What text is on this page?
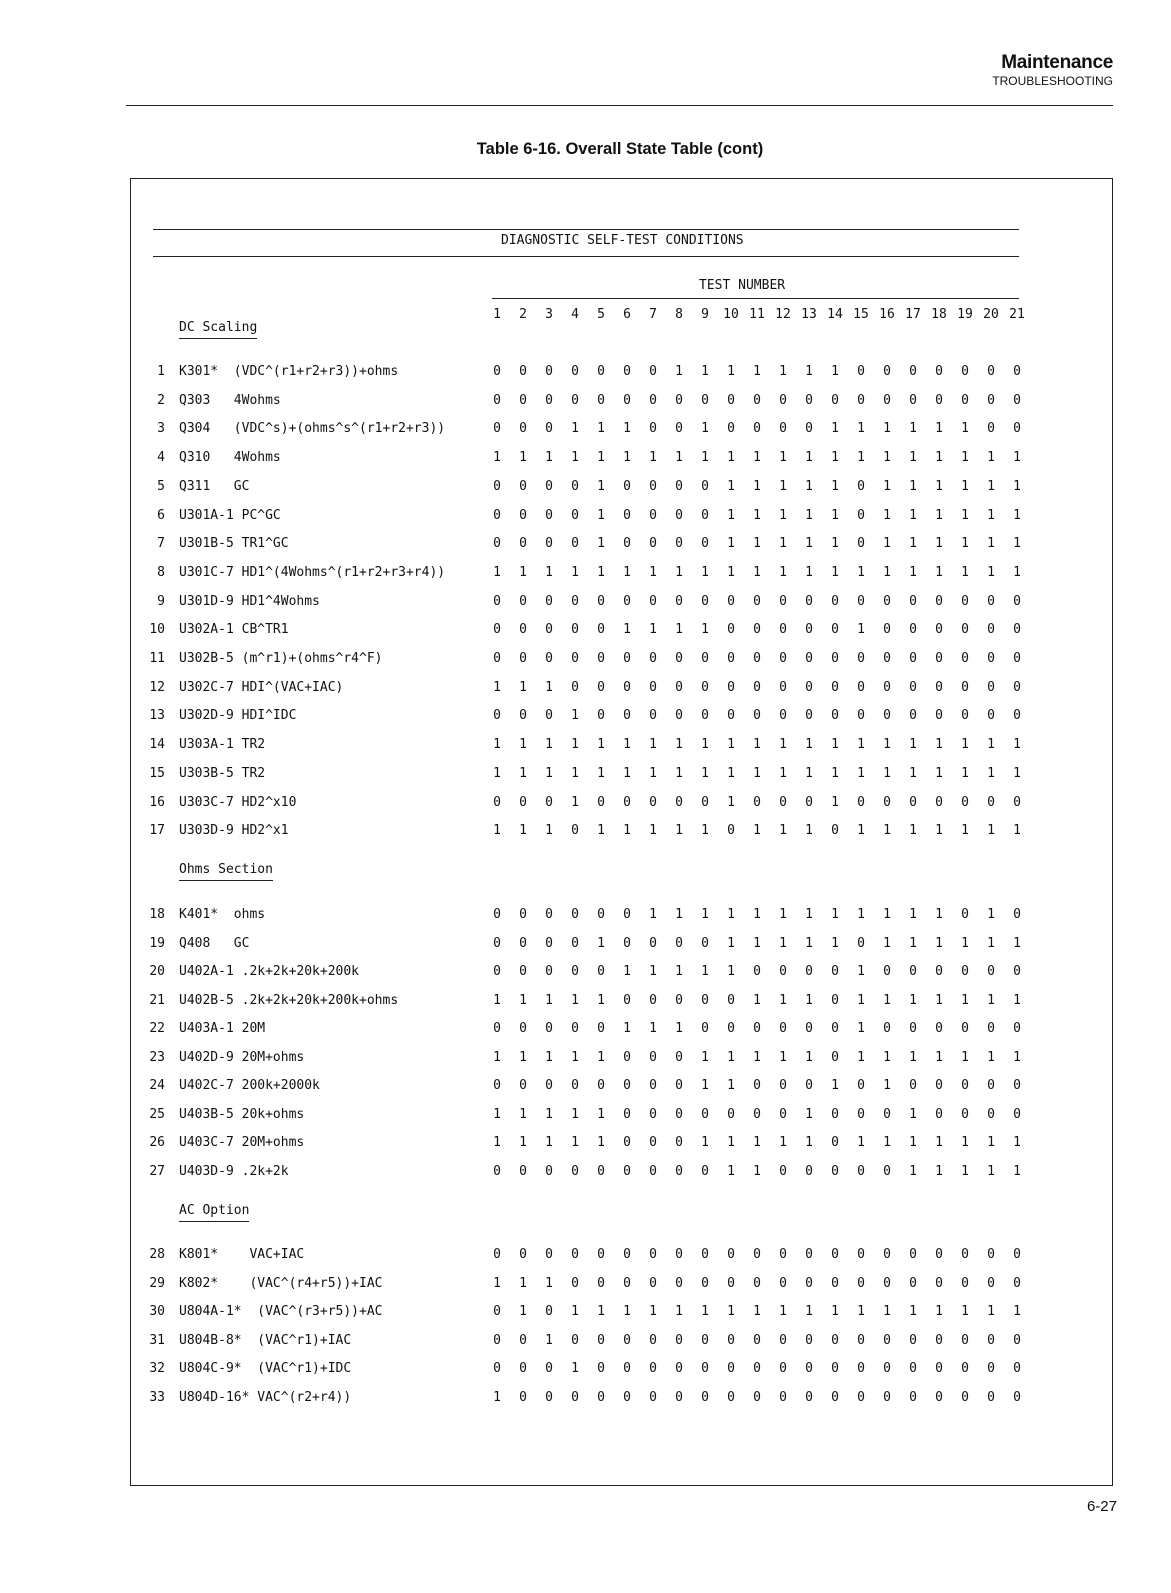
Maintenance
TROUBLESHOOTING
Table 6-16. Overall State Table (cont)
DIAGNOSTIC SELF-TEST CONDITIONS
TEST NUMBER
1	2	3	4	5	6	7	8	9	10 11 12 13 14 15 16 17 18 19 20 21
DC Scaling
1 K301*  (VDC^(r1+r2+r3))+ohms	0	0	0	0	0	0	0	1	1	1	1	1	1	1	0	0	0	0	0	0	0
2 Q303   4Wohms	0	0	0	0	0	0	0	0	0	0	0	0	0	0	0	0	0	0	0	0	0
3 Q304   (VDC^s)+(ohms^s^(r1+r2+r3))	0	0	0	1	1	1	0	0	1	0	0	0	0	1	1	1	1	1	1	0	0
4 Q310   4Wohms	1	1	1	1	1	1	1	1	1	1	1	1	1	1	1	1	1	1	1	1	1
5 Q311   GC	0	0	0	0	1	0	0	0	0	1	1	1	1	1	0	1	1	1	1	1	1
6 U301A-1 PC^GC	0	0	0	0	1	0	0	0	0	1	1	1	1	1	0	1	1	1	1	1	1
7 U301B-5 TR1^GC	0	0	0	0	1	0	0	0	0	1	1	1	1	1	0	1	1	1	1	1	1
8 U301C-7 HD1^(4Wohms^(r1+r2+r3+r4))	1	1	1	1	1	1	1	1	1	1	1	1	1	1	1	1	1	1	1	1	1
9 U301D-9 HD1^4Wohms	0	0	0	0	0	0	0	0	0	0	0	0	0	0	0	0	0	0	0	0	0
10 U302A-1 CB^TR1	0	0	0	0	0	1	1	1	1	0	0	0	0	0	1	0	0	0	0	0	0
11 U302B-5 (m^r1)+(ohms^r4^F)	0	0	0	0	0	0	0	0	0	0	0	0	0	0	0	0	0	0	0	0	0
12 U302C-7 HDI^(VAC+IAC)	1	1	1	0	0	0	0	0	0	0	0	0	0	0	0	0	0	0	0	0	0
13 U302D-9 HDI^IDC	0	0	0	1	0	0	0	0	0	0	0	0	0	0	0	0	0	0	0	0	0
14 U303A-1 TR2	1	1	1	1	1	1	1	1	1	1	1	1	1	1	1	1	1	1	1	1	1
15 U303B-5 TR2	1	1	1	1	1	1	1	1	1	1	1	1	1	1	1	1	1	1	1	1	1
16 U303C-7 HD2^x10	0	0	0	1	0	0	0	0	0	1	0	0	0	1	0	0	0	0	0	0	0
17 U303D-9 HD2^x1	1	1	1	0	1	1	1	1	1	0	1	1	1	0	1	1	1	1	1	1	1
Ohms Section
18 K401*  ohms	0	0	0	0	0	0	1	1	1	1	1	1	1	1	1	1	1	1	0	1	0
19 Q408   GC	0	0	0	0	1	0	0	0	0	1	1	1	1	1	0	1	1	1	1	1	1
20 U402A-1 .2k+2k+20k+200k	0	0	0	0	0	1	1	1	1	1	0	0	0	0	1	0	0	0	0	0	0
21 U402B-5 .2k+2k+20k+200k+ohms	1	1	1	1	1	0	0	0	0	0	1	1	1	0	1	1	1	1	1	1	1
22 U403A-1 20M	0	0	0	0	0	1	1	1	0	0	0	0	0	0	1	0	0	0	0	0	0
23 U402D-9 20M+ohms	1	1	1	1	1	0	0	0	1	1	1	1	1	0	1	1	1	1	1	1	1
24 U402C-7 200k+2000k	0	0	0	0	0	0	0	0	1	1	0	0	0	1	0	1	0	0	0	0	0
25 U403B-5 20k+ohms	1	1	1	1	1	0	0	0	0	0	0	0	1	0	0	0	1	0	0	0	0
26 U403C-7 20M+ohms	1	1	1	1	1	0	0	0	1	1	1	1	1	0	1	1	1	1	1	1	1
27 U403D-9 .2k+2k	0	0	0	0	0	0	0	0	0	1	1	0	0	0	0	0	1	1	1	1	1
AC Option
28 K801*    VAC+IAC	0	0	0	0	0	0	0	0	0	0	0	0	0	0	0	0	0	0	0	0	0
29 K802*    (VAC^(r4+r5))+IAC	1	1	1	0	0	0	0	0	0	0	0	0	0	0	0	0	0	0	0	0	0
30 U804A-1*  (VAC^(r3+r5))+AC	0	1	0	1	1	1	1	1	1	1	1	1	1	1	1	1	1	1	1	1	1
31 U804B-8*  (VAC^r1)+IAC	0	0	1	0	0	0	0	0	0	0	0	0	0	0	0	0	0	0	0	0	0
32 U804C-9*  (VAC^r1)+IDC	0	0	0	1	0	0	0	0	0	0	0	0	0	0	0	0	0	0	0	0	0
33 U804D-16* VAC^(r2+r4))	1	0	0	0	0	0	0	0	0	0	0	0	0	0	0	0	0	0	0	0	0
6-27
